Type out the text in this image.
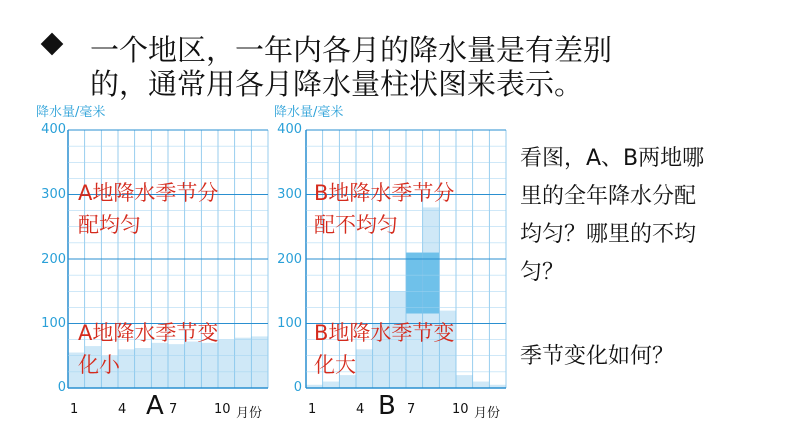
一个地区，一年内各月的降水量是有差别
的，通常用各月降水量柱状图来表示。
降水量/毫米
400
300
200
100
0
1	4	7	10 月份
A
A地降水季节分
配均匀
A地降水季节变
化小
降水量/毫米
400
300
200
100
0
1	4	7	10 月份
B
B地降水季节分
配不均匀
B地降水季节变
化大
看图，A、B两地哪
里的全年降水分配
均匀？哪里的不均
匀？
季节变化如何？
